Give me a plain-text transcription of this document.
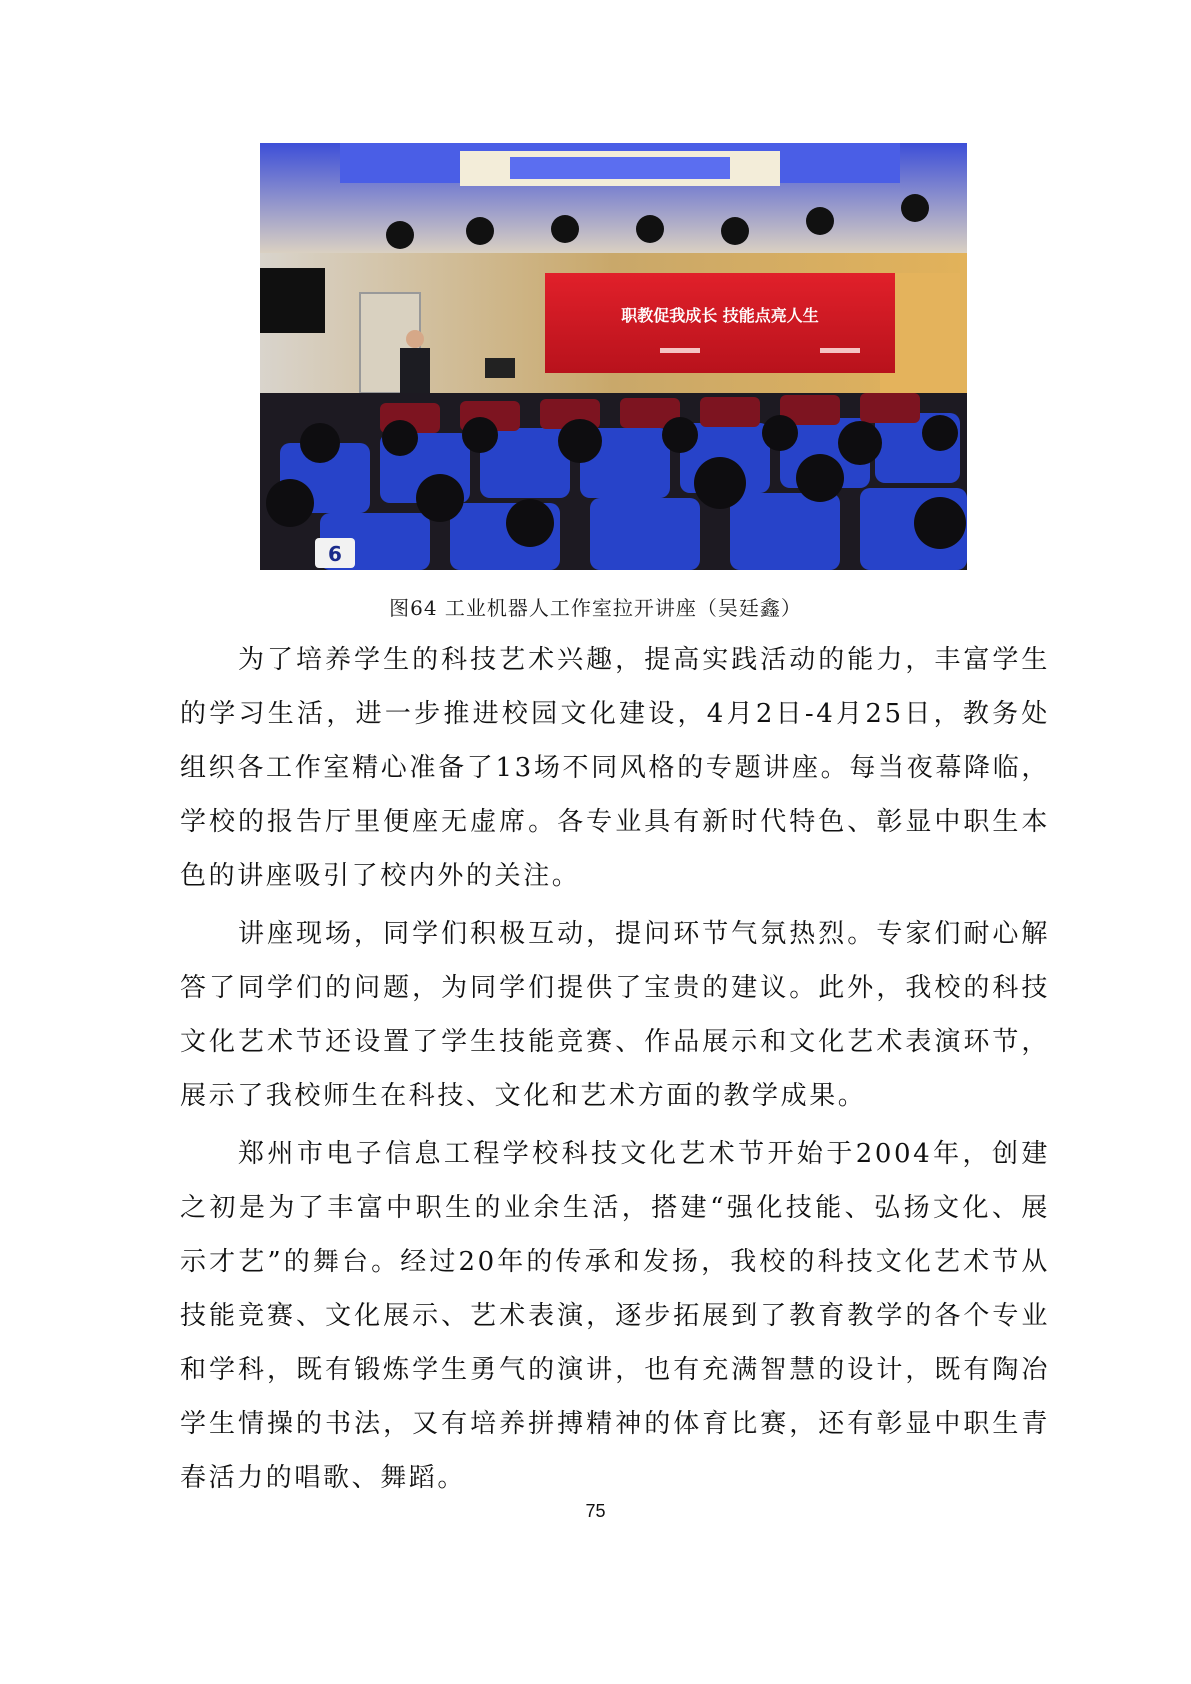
职教促我成长 技能点亮人生
6
图64 工业机器人工作室拉开讲座（吴廷鑫）

为了培养学生的科技艺术兴趣，提高实践活动的能力，丰富学生的学习生活，进一步推进校园文化建设，4月2日-4月25日，教务处组织各工作室精心准备了13场不同风格的专题讲座。每当夜幕降临，学校的报告厅里便座无虚席。各专业具有新时代特色、彰显中职生本色的讲座吸引了校内外的关注。

讲座现场，同学们积极互动，提问环节气氛热烈。专家们耐心解答了同学们的问题，为同学们提供了宝贵的建议。此外，我校的科技文化艺术节还设置了学生技能竞赛、作品展示和文化艺术表演环节，展示了我校师生在科技、文化和艺术方面的教学成果。

郑州市电子信息工程学校科技文化艺术节开始于2004年，创建之初是为了丰富中职生的业余生活，搭建“强化技能、弘扬文化、展示才艺”的舞台。经过20年的传承和发扬，我校的科技文化艺术节从技能竞赛、文化展示、艺术表演，逐步拓展到了教育教学的各个专业和学科，既有锻炼学生勇气的演讲，也有充满智慧的设计，既有陶冶学生情操的书法，又有培养拼搏精神的体育比赛，还有彰显中职生青春活力的唱歌、舞蹈。

75
